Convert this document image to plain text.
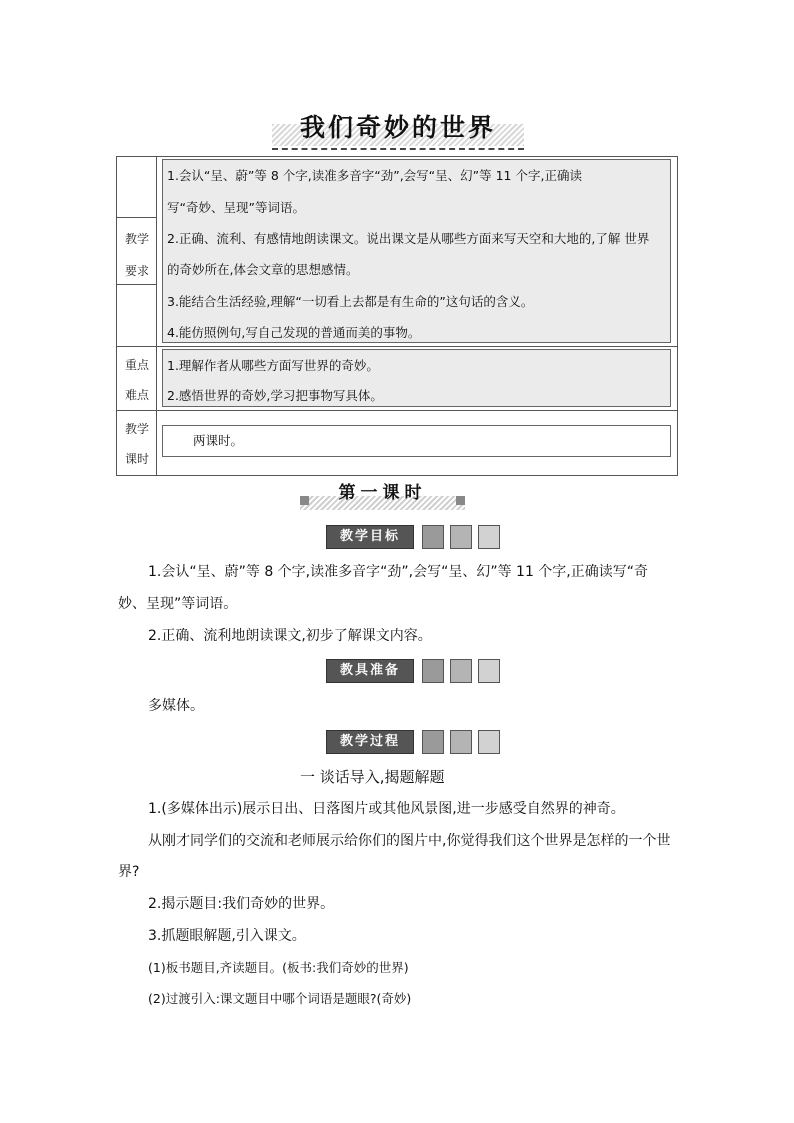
我们奇妙的世界
教学
要求
1.会认“呈、蔚”等 8 个字,读准多音字“劲”,会写“呈、幻”等 11 个字,正确读
写“奇妙、呈现”等词语。
2.正确、流利、有感情地朗读课文。说出课文是从哪些方面来写天空和大地的,了解 世界
的奇妙所在,体会文章的思想感情。
3.能结合生活经验,理解“一切看上去都是有生命的”这句话的含义。
4.能仿照例句,写自己发现的普通而美的事物。
重点
难点
1.理解作者从哪些方面写世界的奇妙。
2.感悟世界的奇妙,学习把事物写具体。
教学
课时
两课时。
第一课时
教学目标
1.会认“呈、蔚”等 8 个字,读准多音字“劲”,会写“呈、幻”等 11 个字,正确读写“奇
妙、呈现”等词语。
2.正确、流利地朗读课文,初步了解课文内容。
教具准备
多媒体。
教学过程
一 谈话导入,揭题解题
1.(多媒体出示)展示日出、日落图片或其他风景图,进一步感受自然界的神奇。
从刚才同学们的交流和老师展示给你们的图片中,你觉得我们这个世界是怎样的一个世
界?
2.揭示题目:我们奇妙的世界。
3.抓题眼解题,引入课文。
(1)板书题目,齐读题目。(板书:我们奇妙的世界)
(2)过渡引入:课文题目中哪个词语是题眼?(奇妙)
